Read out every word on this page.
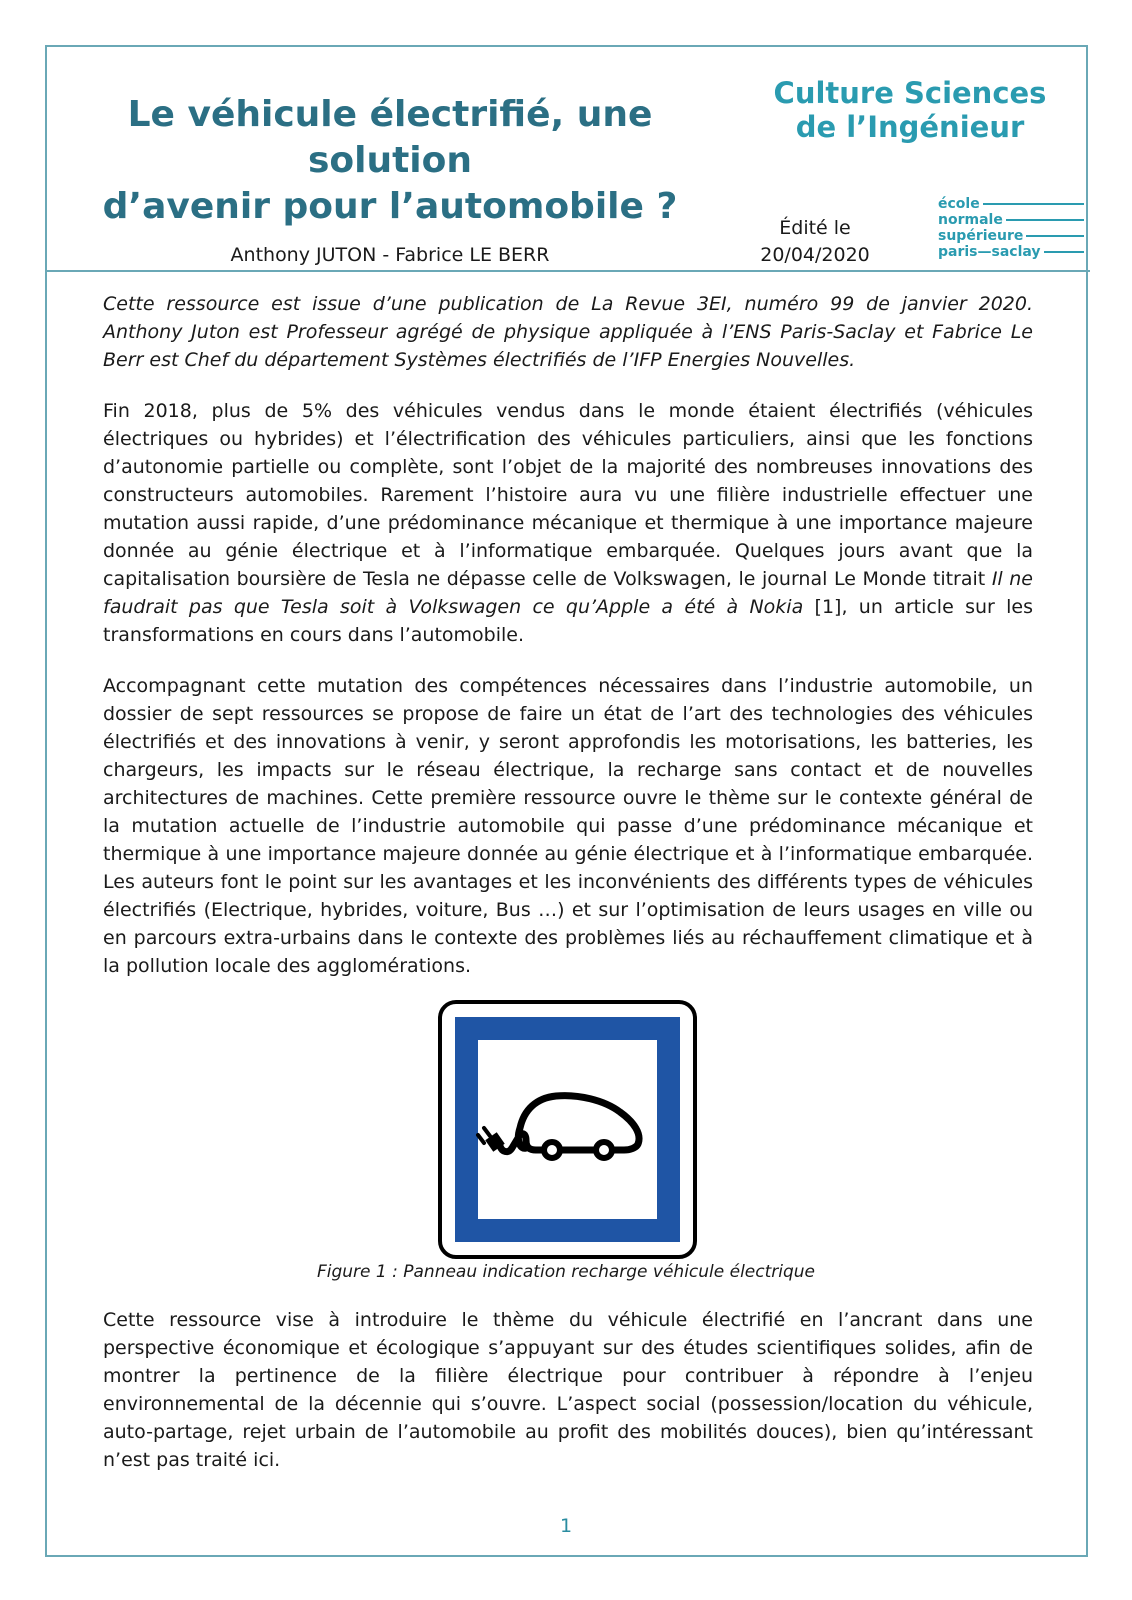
Le véhicule électrifié, une solution
d’avenir pour l’automobile ?
Culture Sciences
de l’Ingénieur
Anthony JUTON - Fabrice LE BERR
Édité le
20/04/2020
école
normale
supérieure
paris—saclay

Cette ressource est issue d’une publication de La Revue 3EI, numéro 99 de janvier 2020. Anthony Juton est Professeur agrégé de physique appliquée à l’ENS Paris-Saclay et Fabrice Le Berr est Chef du département Systèmes électrifiés de l’IFP Energies Nouvelles.

Fin 2018, plus de 5% des véhicules vendus dans le monde étaient électrifiés (véhicules électriques ou hybrides) et l’électrification des véhicules particuliers, ainsi que les fonctions d’autonomie partielle ou complète, sont l’objet de la majorité des nombreuses innovations des constructeurs automobiles. Rarement l’histoire aura vu une filière industrielle effectuer une mutation aussi rapide, d’une prédominance mécanique et thermique à une importance majeure donnée au génie électrique et à l’informatique embarquée. Quelques jours avant que la capitalisation boursière de Tesla ne dépasse celle de Volkswagen, le journal Le Monde titrait Il ne faudrait pas que Tesla soit à Volkswagen ce qu’Apple a été à Nokia [1], un article sur les transformations en cours dans l’automobile.

Accompagnant cette mutation des compétences nécessaires dans l’industrie automobile, un dossier de sept ressources se propose de faire un état de l’art des technologies des véhicules électrifiés et des innovations à venir, y seront approfondis les motorisations, les batteries, les chargeurs, les impacts sur le réseau électrique, la recharge sans contact et de nouvelles architectures de machines. Cette première ressource ouvre le thème sur le contexte général de la mutation actuelle de l’industrie automobile qui passe d’une prédominance mécanique et thermique à une importance majeure donnée au génie électrique et à l’informatique embarquée. Les auteurs font le point sur les avantages et les inconvénients des différents types de véhicules électrifiés (Electrique, hybrides, voiture, Bus …) et sur l’optimisation de leurs usages en ville ou en parcours extra-urbains dans le contexte des problèmes liés au réchauffement climatique et à la pollution locale des agglomérations.

Figure 1 : Panneau indication recharge véhicule électrique

Cette ressource vise à introduire le thème du véhicule électrifié en l’ancrant dans une perspective économique et écologique s’appuyant sur des études scientifiques solides, afin de montrer la pertinence de la filière électrique pour contribuer à répondre à l’enjeu environnemental de la décennie qui s’ouvre. L’aspect social (possession/location du véhicule, auto-partage, rejet urbain de l’automobile au profit des mobilités douces), bien qu’intéressant n’est pas traité ici.

1
